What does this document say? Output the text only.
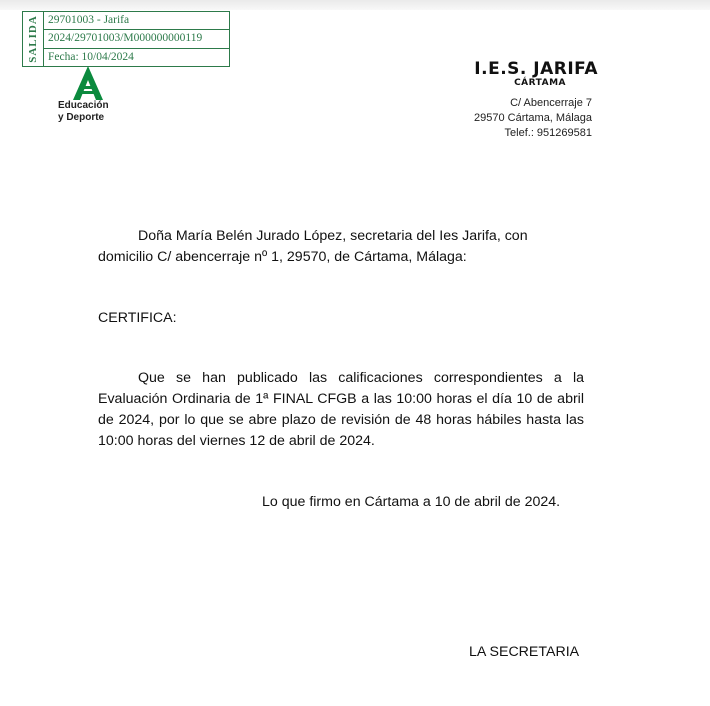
SALIDA 29701003 - Jarifa
2024/29701003/M000000000119
Fecha: 10/04/2024
Educación
y Deporte
I.E.S. JARIFA
CÁRTAMA
C/ Abencerraje 7
29570 Cártama, Málaga
Telef.: 951269581
Doña María Belén Jurado López, secretaria del Ies Jarifa, con domicilio C/ abencerraje nº 1, 29570, de Cártama, Málaga:
CERTIFICA:
Que se han publicado las calificaciones correspondientes a la Evaluación Ordinaria de 1ª FINAL CFGB a las 10:00 horas el día 10 de abril de 2024, por lo que se abre plazo de revisión de 48 horas hábiles hasta las 10:00 horas del viernes 12 de abril de 2024.
Lo que firmo en Cártama a 10 de abril de 2024.
LA SECRETARIA
